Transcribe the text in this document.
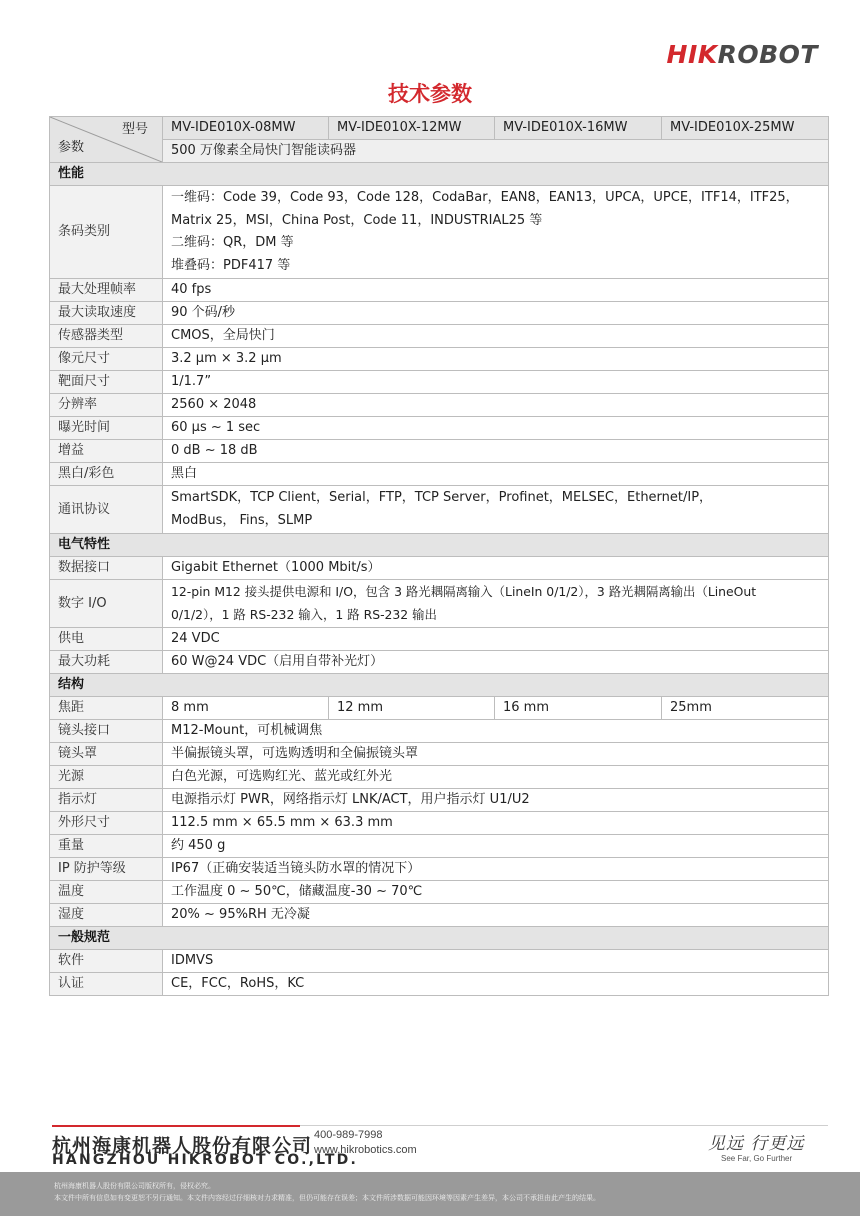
HIKROBOT
技术参数
型号
参数	MV-IDE010X-08MW	MV-IDE010X-12MW	MV-IDE010X-16MW	MV-IDE010X-25MW
	500 万像素全局快门智能读码器			
性能				
条码类别	一维码：Code 39，Code 93，Code 128，CodaBar，EAN8，EAN13，UPCA，UPCE，ITF14，ITF25，
Matrix 25，MSI，China Post，Code 11，INDUSTRIAL25 等
二维码：QR，DM 等
堆叠码：PDF417 等			

最大处理帧率	40 fps			
最大读取速度	90 个码/秒			
传感器类型	CMOS，全局快门			
像元尺寸	3.2 μm × 3.2 μm			
靶面尺寸	1/1.7”			
分辨率	2560 × 2048			
曝光时间	60 μs ~ 1 sec			
增益	0 dB ~ 18 dB			
黑白/彩色	黑白			
通讯协议	SmartSDK，TCP Client，Serial，FTP，TCP Server，Profinet，MELSEC，Ethernet/IP，
ModBus， Fins，SLMP			

电气特性				
数据接口	Gigabit Ethernet（1000 Mbit/s）			
数字 I/O	12-pin M12 接头提供电源和 I/O，包含 3 路光耦隔离输入（LineIn 0/1/2），3 路光耦隔离输出（LineOut
0/1/2），1 路 RS-232 输入，1 路 RS-232 输出			

供电	24 VDC			
最大功耗	60 W@24 VDC（启用自带补光灯）			
结构				
焦距	8 mm	12 mm	16 mm	25mm
镜头接口	M12-Mount，可机械调焦			
镜头罩	半偏振镜头罩，可选购透明和全偏振镜头罩			
光源	白色光源，可选购红光、蓝光或红外光			
指示灯	电源指示灯 PWR，网络指示灯 LNK/ACT，用户指示灯 U1/U2			
外形尺寸	112.5 mm × 65.5 mm × 63.3 mm			
重量	约 450 g			
IP 防护等级	IP67（正确安装适当镜头防水罩的情况下）			
温度	工作温度 0 ~ 50℃，储藏温度-30 ~ 70℃			
湿度	20% ~ 95%RH 无冷凝			
一般规范				
软件	IDMVS			
认证	CE，FCC，RoHS，KC			
杭州海康机器人股份有限公司
HANGZHOU HIKROBOT CO.,LTD.
400-989-7998
www.hikrobotics.com	见远 行更远
See Far, Go Further
杭州海康机器人股份有限公司版权所有，侵权必究。
本文件中所有信息如有变更恕不另行通知。本文件内容经过仔细核对力求精准，但仍可能存在误差；本文件所涉数据可能因环境等因素产生差异，本公司不承担由此产生的结果。
